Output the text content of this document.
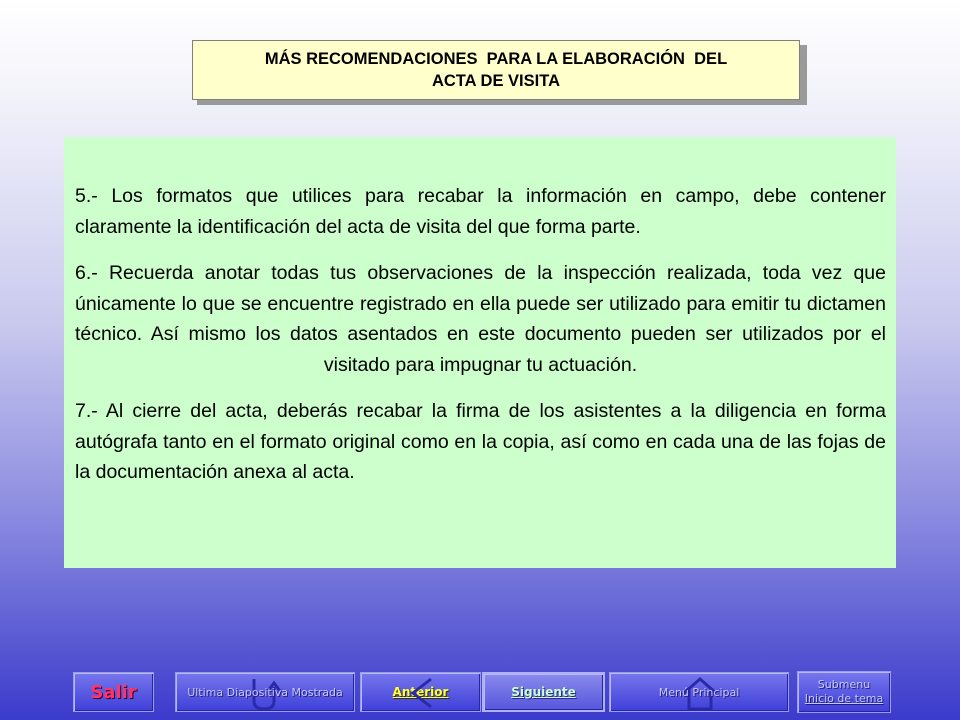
MÁS RECOMENDACIONES  PARA LA ELABORACIÓN  DEL
ACTA DE VISITA

5.- Los formatos que utilices para recabar la información en campo, debe contener claramente la identificación del acta de visita del que forma parte.

6.- Recuerda anotar todas tus observaciones de la inspección realizada, toda vez que únicamente lo que se encuentre registrado en ella puede ser utilizado para emitir tu dictamen técnico. Así mismo los datos asentados en este documento pueden ser utilizados por el visitado para impugnar tu actuación.

7.- Al cierre del acta, deberás recabar la firma de los asistentes a la diligencia en forma autógrafa tanto en el formato original como en la copia, así como en cada una de las fojas de la documentación anexa al acta.

Salir	Ultima Diapositiva Mostrada	Anterior	Siguiente	Menú Principal
Submenu
Inicio de tema
